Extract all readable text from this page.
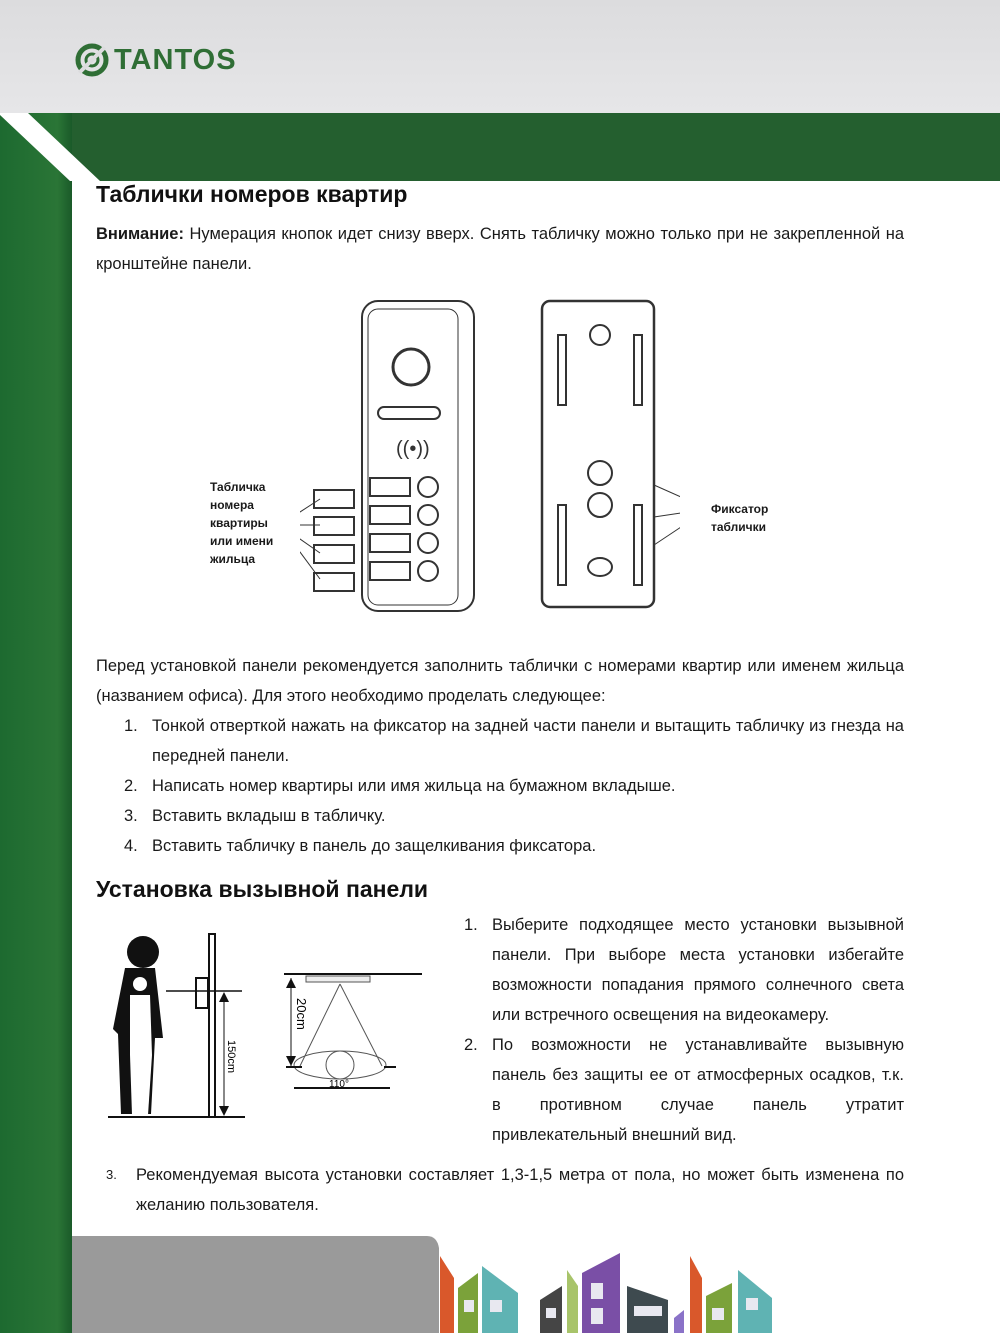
TANTOS
Таблички номеров квартир

Внимание: Нумерация кнопок идет снизу вверх. Снять табличку можно только при не закрепленной на кронштейне панели.

((•))
Табличка номера квартиры или имени жильца
Фиксатор таблички

Перед установкой панели рекомендуется заполнить таблички с номерами квартир или именем жильца (названием офиса). Для этого необходимо проделать следующее:

1. Тонкой отверткой нажать на фиксатор на задней части панели и вытащить табличку из гнезда на передней панели.
2. Написать номер квартиры или имя жильца на бумажном вкладыше.
3. Вставить вкладыш в табличку.
4. Вставить табличку в панель до защелкивания фиксатора.
Установка вызывной панели
150cm
20cm
110°
1. Выберите подходящее место установки вызывной панели. При выборе места установки избегайте возможности попадания прямого солнечного света или встречного освещения на видеокамеру.
2. По возможности не устанавливайте вызывную панель без защиты ее от атмосферных осадков, т.к. в противном случае панель утратит привлекательный внешний вид.
3. Рекомендуемая высота установки составляет 1,3-1,5 метра от пола, но может быть изменена по желанию пользователя.
